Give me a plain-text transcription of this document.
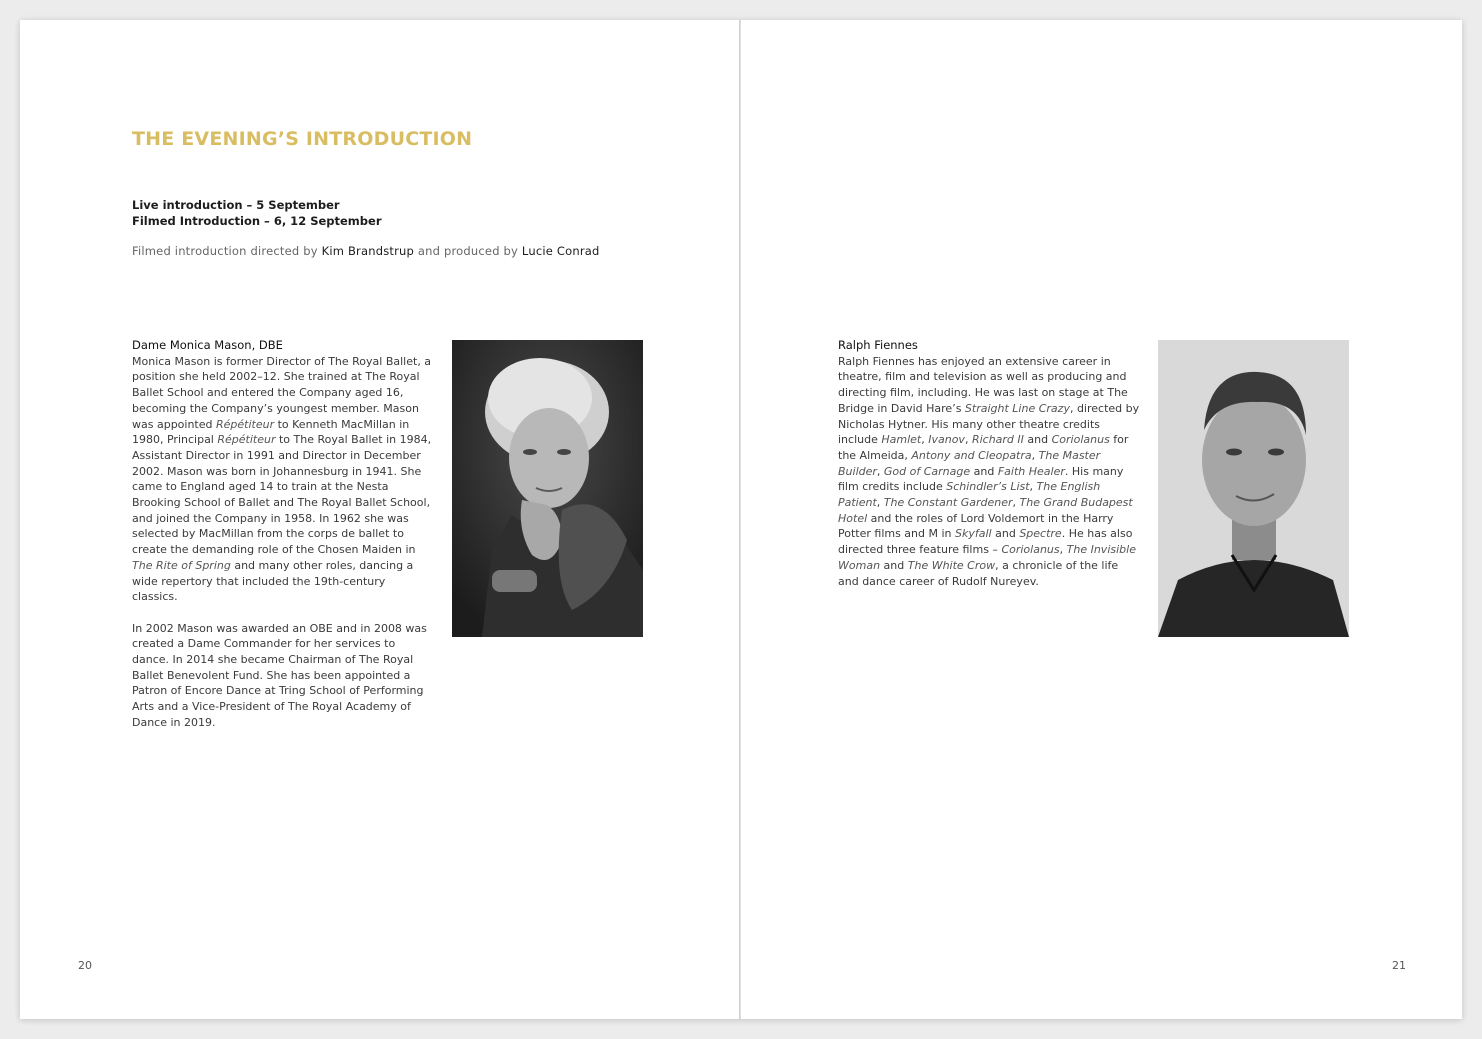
THE EVENING’S INTRODUCTION
Live introduction – 5 September
Filmed Introduction – 6, 12 September
Filmed introduction directed by Kim Brandstrup and produced by Lucie Conrad
Dame Monica Mason, DBE

Monica Mason is former Director of The Royal Ballet, a position she held 2002–12. She trained at The Royal Ballet School and entered the Company aged 16, becoming the Company’s youngest member. Mason was appointed Répétiteur to Kenneth MacMillan in 1980, Principal Répétiteur to The Royal Ballet in 1984, Assistant Director in 1991 and Director in December 2002. Mason was born in Johannesburg in 1941. She came to England aged 14 to train at the Nesta Brooking School of Ballet and The Royal Ballet School, and joined the Company in 1958. In 1962 she was selected by MacMillan from the corps de ballet to create the demanding role of the Chosen Maiden in The Rite of Spring and many other roles, dancing a wide repertory that included the 19th-century classics.

In 2002 Mason was awarded an OBE and in 2008 was created a Dame Commander for her services to dance. In 2014 she became Chairman of The Royal Ballet Benevolent Fund. She has been appointed a Patron of Encore Dance at Tring School of Performing Arts and a Vice-President of The Royal Academy of Dance in 2019.

20
Ralph Fiennes

Ralph Fiennes has enjoyed an extensive career in theatre, film and television as well as producing and directing film, including. He was last on stage at The Bridge in David Hare’s Straight Line Crazy, directed by Nicholas Hytner. His many other theatre credits include Hamlet, Ivanov, Richard II and Coriolanus for the Almeida, Antony and Cleopatra, The Master Builder, God of Carnage and Faith Healer. His many film credits include Schindler’s List, The English Patient, The Constant Gardener, The Grand Budapest Hotel and the roles of Lord Voldemort in the Harry Potter films and M in Skyfall and Spectre. He has also directed three feature films – Coriolanus, The Invisible Woman and The White Crow, a chronicle of the life and dance career of Rudolf Nureyev.

21
